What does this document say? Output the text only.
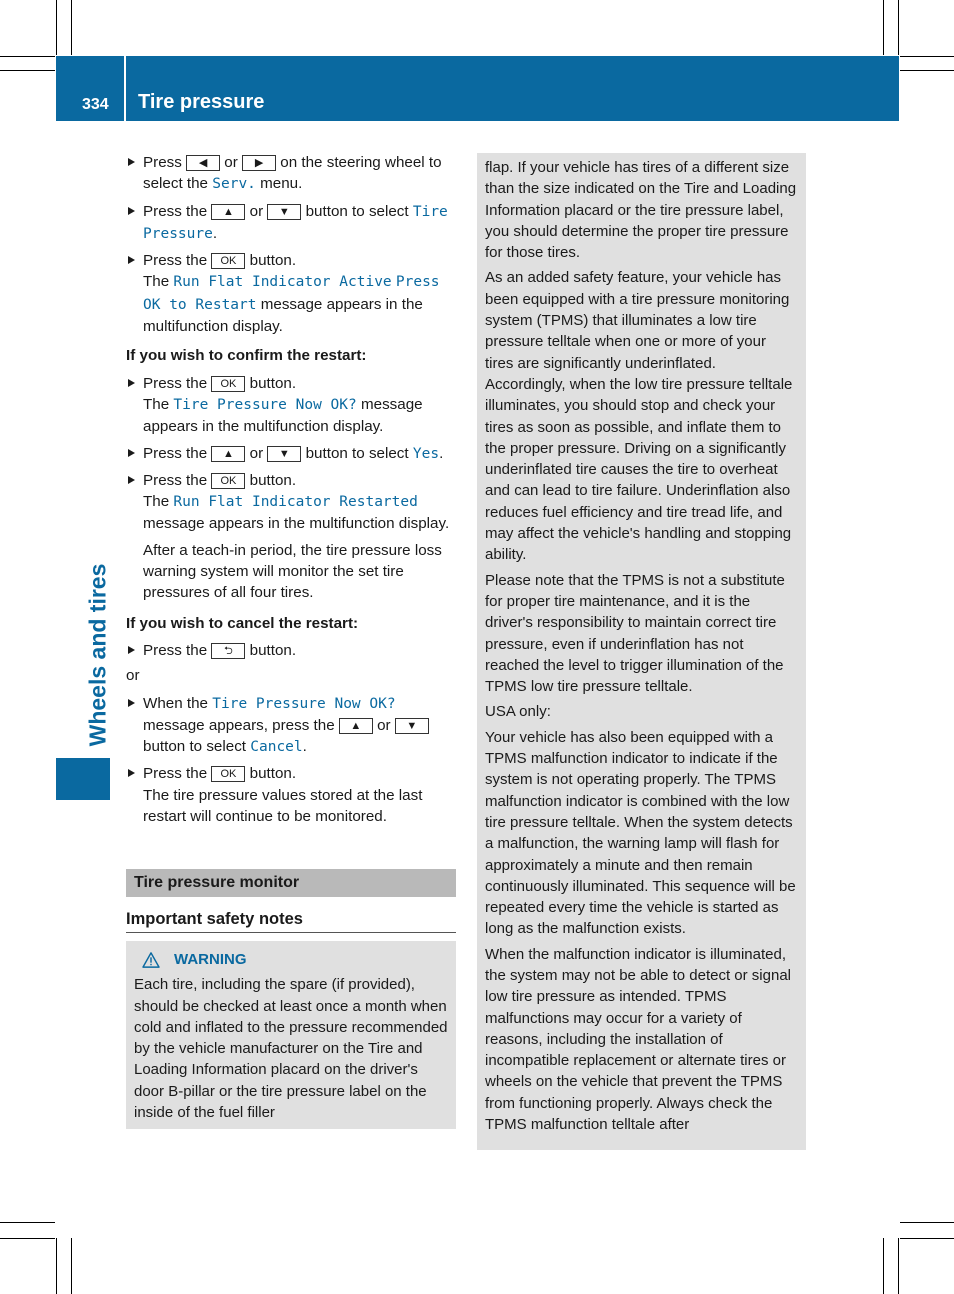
334 Tire pressure
Wheels and tires
Press ◀ or ▶ on the steering wheel to select the Serv. menu.
Press the ▲ or ▼ button to select Tire Pressure.
Press the OK button.
The Run Flat Indicator Active Press OK to Restart message appears in the multifunction display.
If you wish to confirm the restart:
Press the OK button.
The Tire Pressure Now OK? message appears in the multifunction display.
Press the ▲ or ▼ button to select Yes.
Press the OK button.
The Run Flat Indicator Restarted message appears in the multifunction display.
After a teach-in period, the tire pressure loss warning system will monitor the set tire pressures of all four tires.
If you wish to cancel the restart:
Press the ⮌ button.
or
When the Tire Pressure Now OK? message appears, press the ▲ or ▼ button to select Cancel.
Press the OK button.
The tire pressure values stored at the last restart will continue to be monitored.
Tire pressure monitor
Important safety notes
WARNING
Each tire, including the spare (if provided), should be checked at least once a month when cold and inflated to the pressure recommended by the vehicle manufacturer on the Tire and Loading Information placard on the driver's door B-pillar or the tire pressure label on the inside of the fuel filler

flap. If your vehicle has tires of a different size than the size indicated on the Tire and Loading Information placard or the tire pressure label, you should determine the proper tire pressure for those tires.

As an added safety feature, your vehicle has been equipped with a tire pressure monitoring system (TPMS) that illuminates a low tire pressure telltale when one or more of your tires are significantly underinflated. Accordingly, when the low tire pressure telltale illuminates, you should stop and check your tires as soon as possible, and inflate them to the proper pressure. Driving on a significantly underinflated tire causes the tire to overheat and can lead to tire failure. Underinflation also reduces fuel efficiency and tire tread life, and may affect the vehicle's handling and stopping ability.

Please note that the TPMS is not a substitute for proper tire maintenance, and it is the driver's responsibility to maintain correct tire pressure, even if underinflation has not reached the level to trigger illumination of the TPMS low tire pressure telltale.

USA only:

Your vehicle has also been equipped with a TPMS malfunction indicator to indicate if the system is not operating properly. The TPMS malfunction indicator is combined with the low tire pressure telltale. When the system detects a malfunction, the warning lamp will flash for approximately a minute and then remain continuously illuminated. This sequence will be repeated every time the vehicle is started as long as the malfunction exists.

When the malfunction indicator is illuminated, the system may not be able to detect or signal low tire pressure as intended. TPMS malfunctions may occur for a variety of reasons, including the installation of incompatible replacement or alternate tires or wheels on the vehicle that prevent the TPMS from functioning properly. Always check the TPMS malfunction telltale after
